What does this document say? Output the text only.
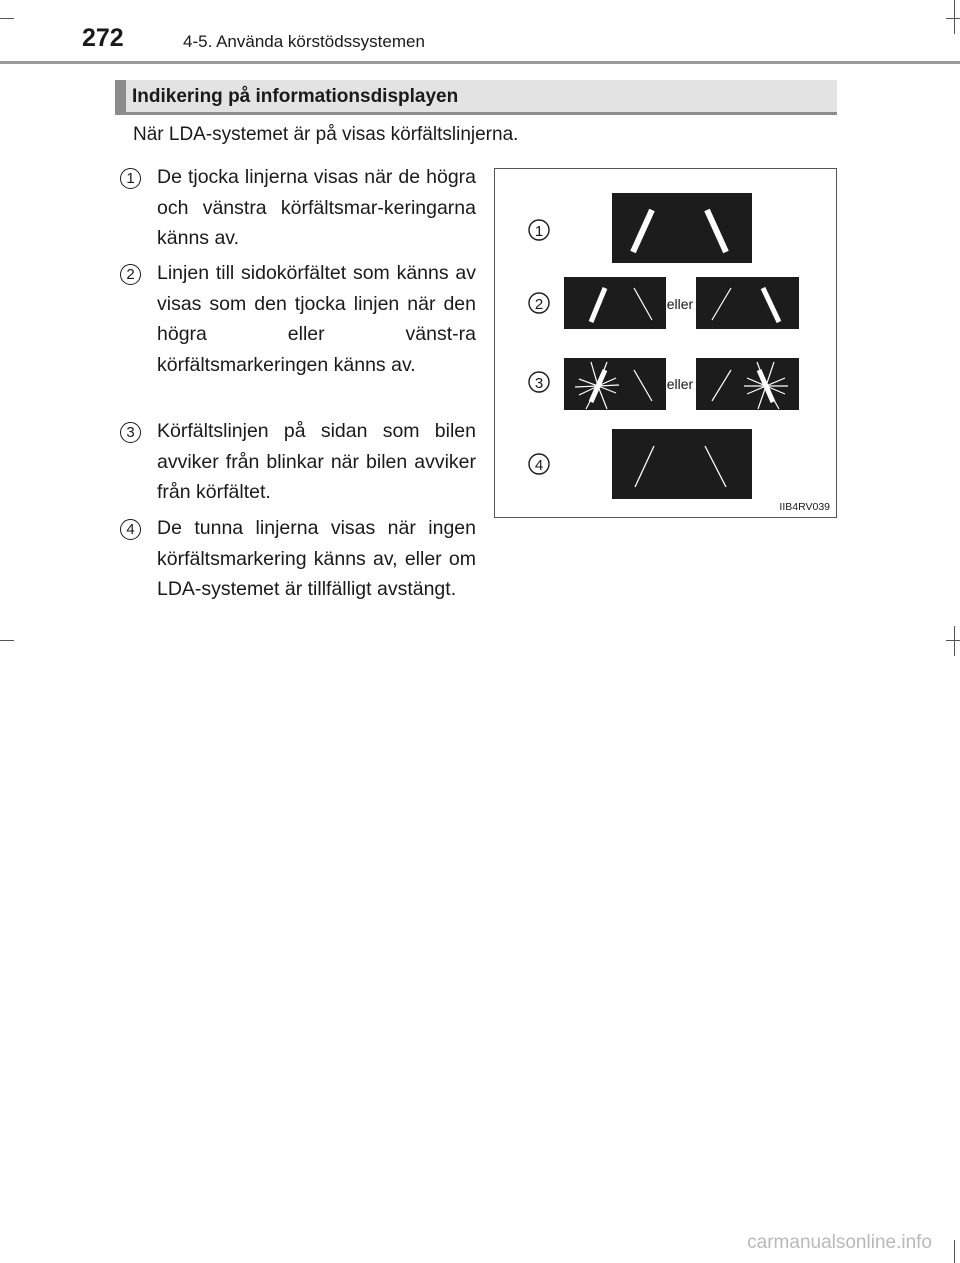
272	4-5. Använda körstödssystemen
Indikering på informationsdisplayen
När LDA-systemet är på visas körfältslinjerna.
1	De tjocka linjerna visas när de högra och vänstra körfältsmar-keringarna känns av.
2	Linjen till sidokörfältet som känns av visas som den tjocka linjen när den högra eller vänst-ra körfältsmarkeringen känns av.
3	Körfältslinjen på sidan som bilen avviker från blinkar när bilen avviker från körfältet.
4	De tunna linjerna visas när ingen körfältsmarkering känns av, eller om LDA-systemet är tillfälligt avstängt.
1
2	eller
3	eller
4
IIB4RV039
carmanualsonline.info
